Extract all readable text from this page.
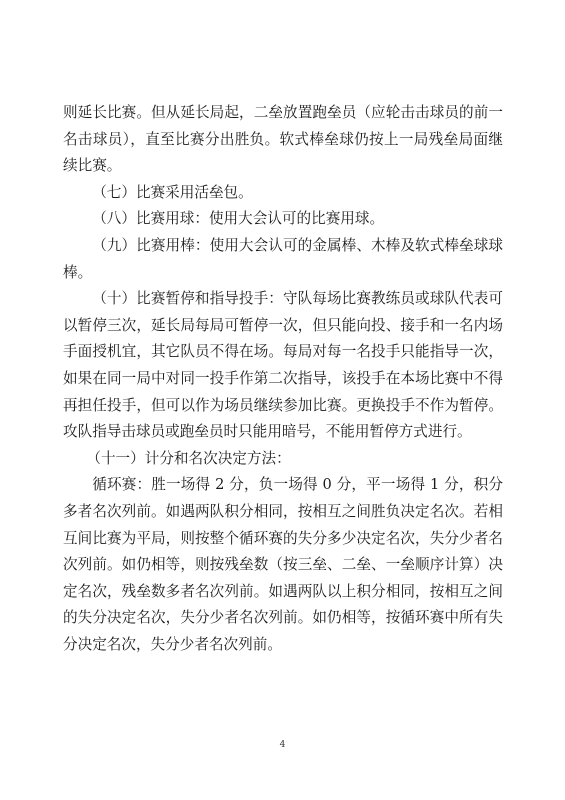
则延长比赛。但从延长局起，二垒放置跑垒员（应轮击击球员的前一名击球员），直至比赛分出胜负。软式棒垒球仍按上一局残垒局面继续比赛。

（七）比赛采用活垒包。

（八）比赛用球：使用大会认可的比赛用球。

（九）比赛用棒：使用大会认可的金属棒、木棒及软式棒垒球球棒。

（十）比赛暂停和指导投手：守队每场比赛教练员或球队代表可以暂停三次，延长局每局可暂停一次，但只能向投、接手和一名内场手面授机宜，其它队员不得在场。每局对每一名投手只能指导一次，如果在同一局中对同一投手作第二次指导，该投手在本场比赛中不得再担任投手，但可以作为场员继续参加比赛。更换投手不作为暂停。攻队指导击球员或跑垒员时只能用暗号，不能用暂停方式进行。

（十一）计分和名次决定方法：

循环赛：胜一场得 2 分，负一场得 0 分，平一场得 1 分，积分多者名次列前。如遇两队积分相同，按相互之间胜负决定名次。若相互间比赛为平局，则按整个循环赛的失分多少决定名次，失分少者名次列前。如仍相等，则按残垒数（按三垒、二垒、一垒顺序计算）决定名次，残垒数多者名次列前。如遇两队以上积分相同，按相互之间的失分决定名次，失分少者名次列前。如仍相等，按循环赛中所有失分决定名次，失分少者名次列前。

4
